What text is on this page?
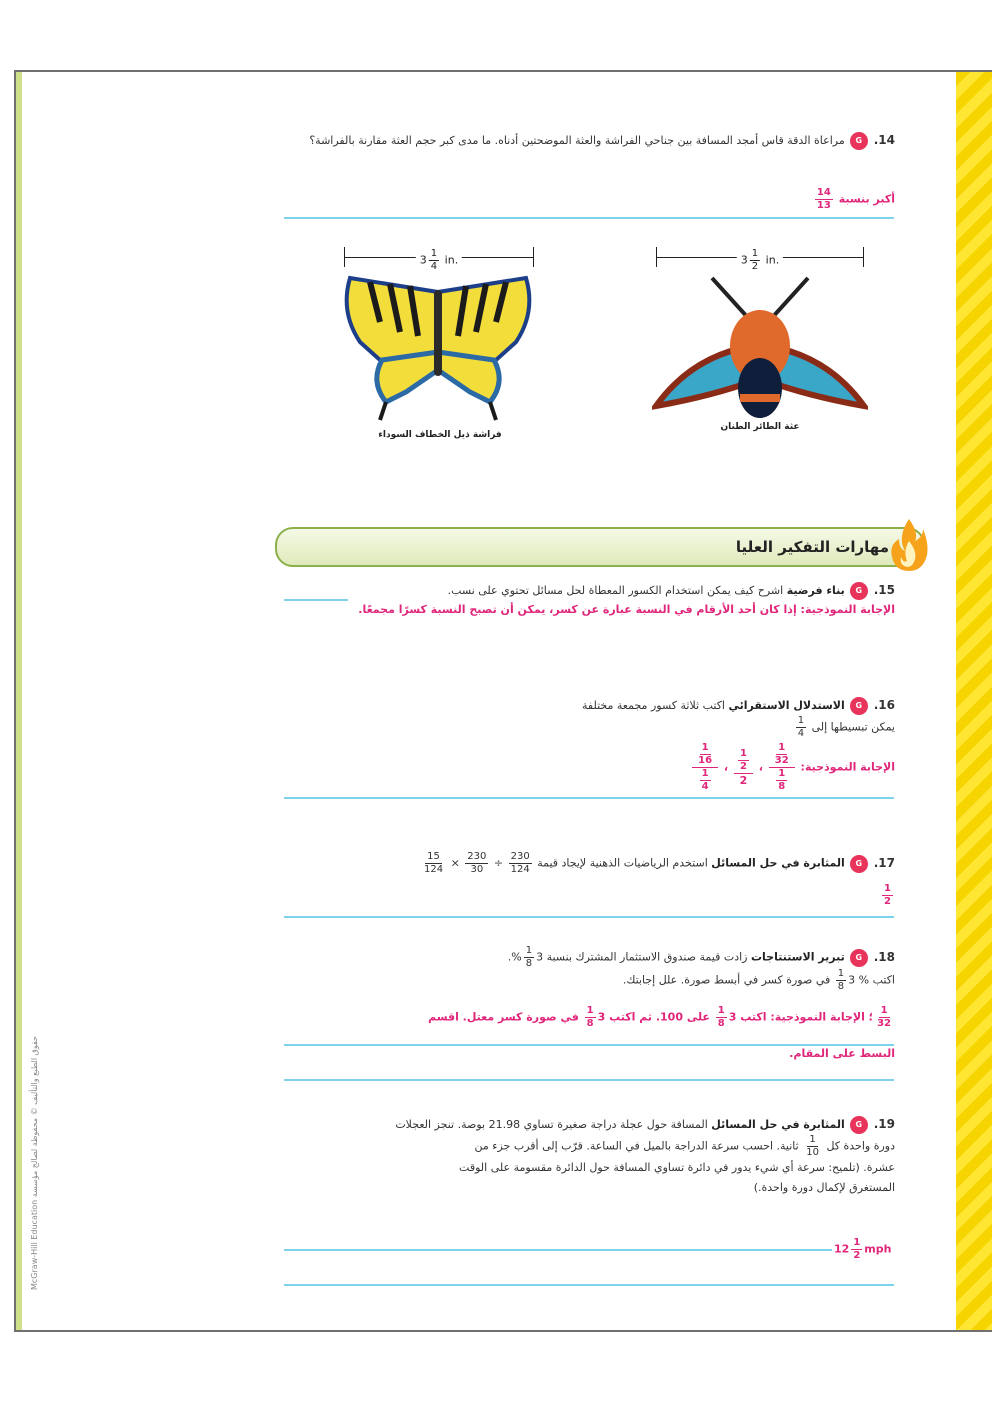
McGraw-Hill Education حقوق الطبع والتأليف © محفوظة لصالح مؤسسة
14.Gمراعاة الدقة قاس أمجد المسافة بين جناحي الفراشة والعثة الموضحتين أدناه. ما مدى كبر حجم العثة مقارنة بالفراشة؟
أكبر بنسبة
$\frac{14}{13}$
$3 \frac{1}{4}$ in.	$3 \frac{1}{2}$ in.
فراشة ذيل الخطاف السوداء
عثة الطائر الطنان
مهارات التفكير العليا
15.Gبناء فرضية اشرح كيف يمكن استخدام الكسور المعطاة لحل مسائل تحتوي على نسب.
الإجابة النموذجية: إذا كان أحد الأرقام في النسبة عبارة عن كسر، يمكن أن تصبح النسبة كسرًا مجمعًا.
16.Gالاستدلال الاستقرائي اكتب ثلاثة كسور مجمعة مختلفة
يمكن تبسيطها إلى
$\frac{1}{4}$
الإجابة النموذجية:
$\frac{\frac{1}{32}}{\frac{1}{8}}$
،
$\frac{\frac{1}{2}}{2}$
،
$\frac{\frac{1}{16}}{\frac{1}{4}}$
17.Gالمثابرة في حل المسائل استخدم الرياضيات الذهنية لإيجاد قيمة
$\frac{230}{124}$
÷
$\frac{230}{30}$
×
$\frac{15}{124}$
$\frac{1}{2}$
18.Gتبرير الاستنتاجات زادت قيمة صندوق الاستثمار المشترك بنسبة 3
$\frac{1}{8}$
%.
اكتب % 3
$\frac{1}{8}$
في صورة كسر في أبسط صورة. علل إجابتك.
$\frac{1}{32}$
؛ الإجابة النموذجية: اكتب 3
$\frac{1}{8}$
على 100. ثم اكتب 3
$\frac{1}{8}$
في صورة كسر معتل. اقسم
البسط على المقام.
19.Gالمثابرة في حل المسائل المسافة حول عجلة دراجة صغيرة تساوي 21.98 بوصة. تنجز العجلات
دورة واحدة كل
$\frac{1}{10}$
ثانية. احسب سرعة الدراجة بالميل في الساعة. قرّب إلى أقرب جزء من
عشرة. (تلميح: سرعة أي شيء يدور في دائرة تساوي المسافة حول الدائرة مقسومة على الوقت
المستغرق لإكمال دورة واحدة.)
$12 \frac{1}{2}$ mph
